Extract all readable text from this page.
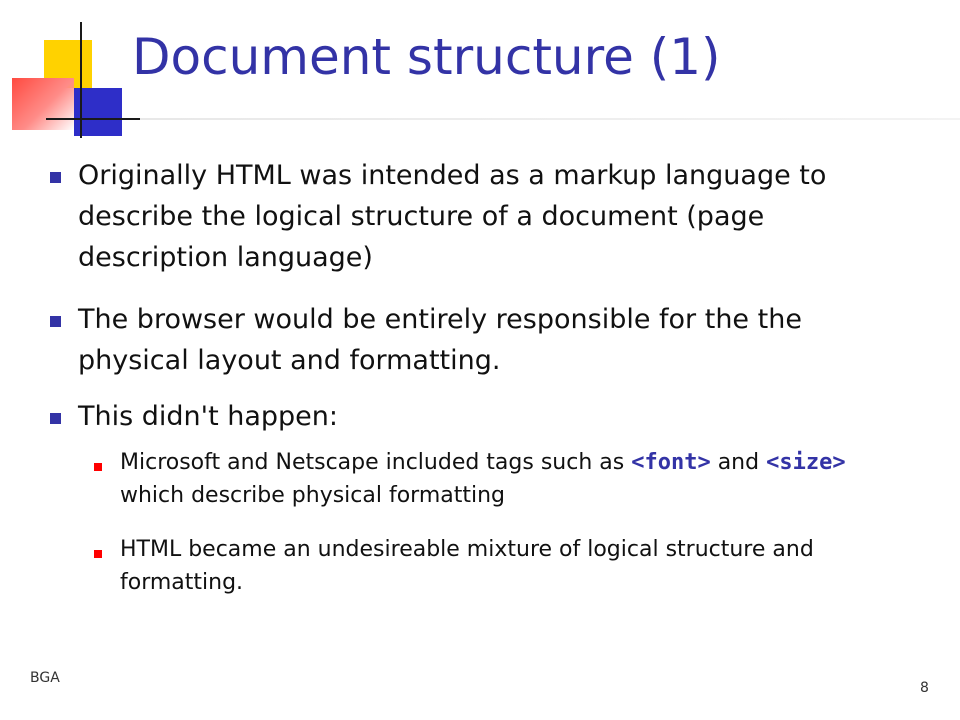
Document structure (1)
Originally HTML was intended as a markup language to describe the logical structure of a document (page description language)
The browser would be entirely responsible for the the physical layout and formatting.
This didn't happen:
Microsoft and Netscape included tags such as <font> and <size> which describe physical formatting
HTML became an undesireable mixture of logical structure and formatting.
BGA
8
